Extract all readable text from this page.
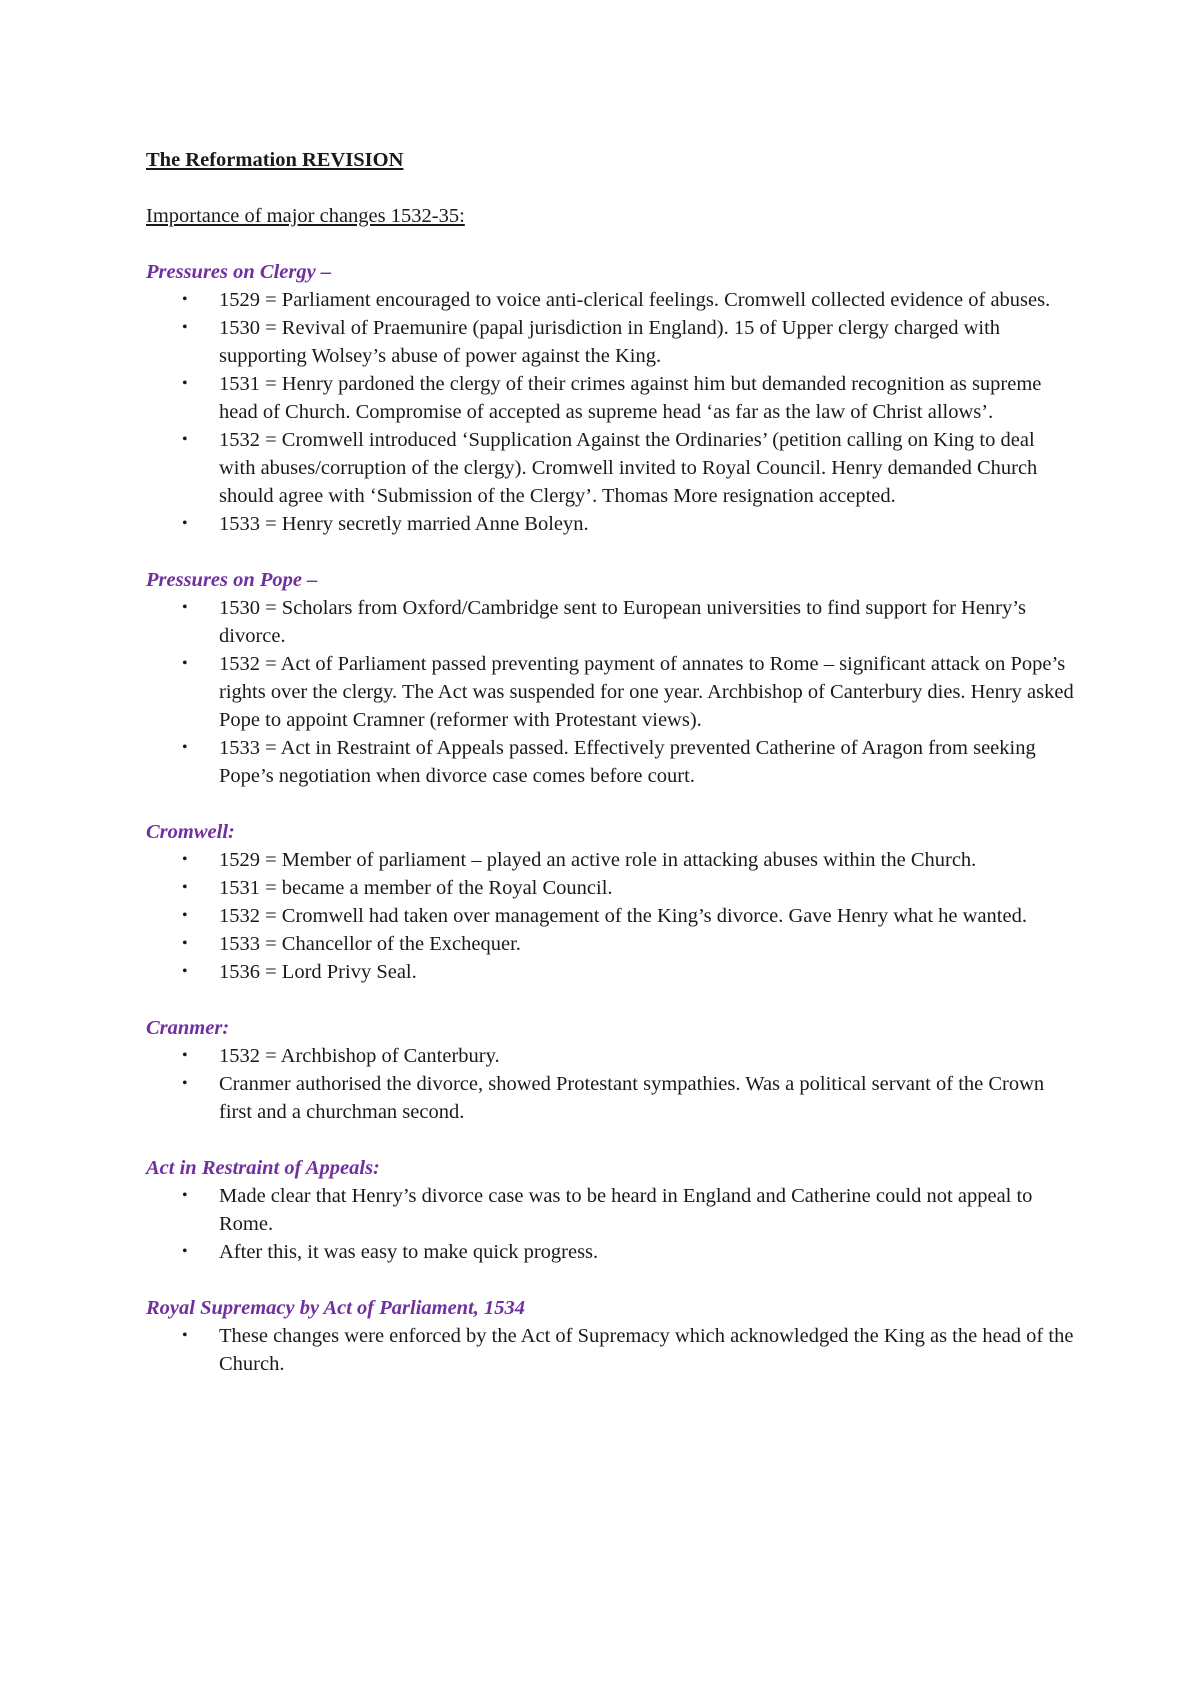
The Reformation REVISION
Importance of major changes 1532-35:
Pressures on Clergy –
• 1529 = Parliament encouraged to voice anti-clerical feelings. Cromwell collected evidence of abuses.
• 1530 = Revival of Praemunire (papal jurisdiction in England). 15 of Upper clergy charged with supporting Wolsey’s abuse of power against the King.
• 1531 = Henry pardoned the clergy of their crimes against him but demanded recognition as supreme head of Church. Compromise of accepted as supreme head ‘as far as the law of Christ allows’.
• 1532 = Cromwell introduced ‘Supplication Against the Ordinaries’ (petition calling on King to deal with abuses/corruption of the clergy). Cromwell invited to Royal Council. Henry demanded Church should agree with ‘Submission of the Clergy’. Thomas More resignation accepted.
• 1533 = Henry secretly married Anne Boleyn.
Pressures on Pope –
• 1530 = Scholars from Oxford/Cambridge sent to European universities to find support for Henry’s divorce.
• 1532 = Act of Parliament passed preventing payment of annates to Rome – significant attack on Pope’s rights over the clergy. The Act was suspended for one year. Archbishop of Canterbury dies. Henry asked Pope to appoint Cramner (reformer with Protestant views).
• 1533 = Act in Restraint of Appeals passed. Effectively prevented Catherine of Aragon from seeking Pope’s negotiation when divorce case comes before court.
Cromwell:
• 1529 = Member of parliament – played an active role in attacking abuses within the Church.
• 1531 = became a member of the Royal Council.
• 1532 = Cromwell had taken over management of the King’s divorce. Gave Henry what he wanted.
• 1533 = Chancellor of the Exchequer.
• 1536 = Lord Privy Seal.
Cranmer:
• 1532 = Archbishop of Canterbury.
• Cranmer authorised the divorce, showed Protestant sympathies. Was a political servant of the Crown first and a churchman second.
Act in Restraint of Appeals:
• Made clear that Henry’s divorce case was to be heard in England and Catherine could not appeal to Rome.
• After this, it was easy to make quick progress.
Royal Supremacy by Act of Parliament, 1534
• These changes were enforced by the Act of Supremacy which acknowledged the King as the head of the Church.
